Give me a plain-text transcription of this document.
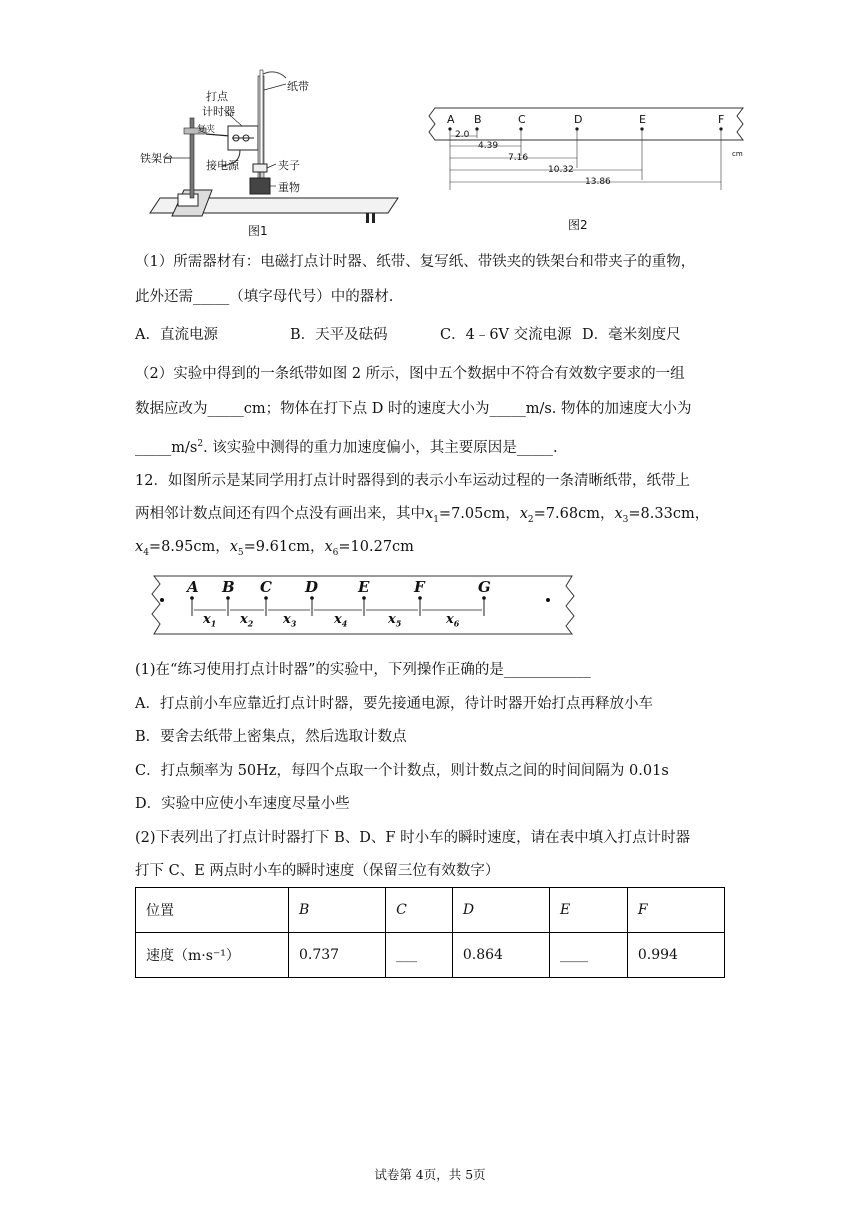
打点
计时器
纸带
复夹
铁架台
接电源	夹子
重物
图1
A B	C	D	E	F
2.0
4.39
7.16
10.32
13.86
cm
图2
（1）所需器材有：电磁打点计时器、纸带、复写纸、带铁夹的铁架台和带夹子的重物，
此外还需_____（填字母代号）中的器材.
A．直流电源	B．天平及砝码	C．4﹣6V 交流电源 D．毫米刻度尺
（2）实验中得到的一条纸带如图 2 所示，图中五个数据中不符合有效数字要求的一组
数据应改为_____cm；物体在打下点 D 时的速度大小为_____m/s. 物体的加速度大小为
$\_\_\_\_\_m/s^2$. 该实验中测得的重力加速度偏小，其主要原因是_____.
12．如图所示是某同学用打点计时器得到的表示小车运动过程的一条清晰纸带，纸带上
两相邻计数点间还有四个点没有画出来，其中$x_1=7.05cm$，$x_2=7.68cm$，$x_3=8.33cm$，
$x_4=8.95cm$，$x_5=9.61cm$，$x_6=10.27cm$
A B C D	E	F	G
$x_1$ $x_2$ $x_3$	$x_4$	$x_5$	$x_6$
(1)在“练习使用打点计时器”的实验中，下列操作正确的是____________
A．打点前小车应靠近打点计时器，要先接通电源，待计时器开始打点再释放小车
B．要舍去纸带上密集点，然后选取计数点
C．打点频率为 50Hz，每四个点取一个计数点，则计数点之间的时间间隔为 0.01s
D．实验中应使小车速度尽量小些
(2)下表列出了打点计时器打下 B、D、F 时小车的瞬时速度，请在表中填入打点计时器
打下 C、E 两点时小车的瞬时速度（保留三位有效数字）
位置	B	C	D	E	F
速度（m·s⁻¹）	0.737	___	0.864	____	0.994
试卷第 4页，共 5页
